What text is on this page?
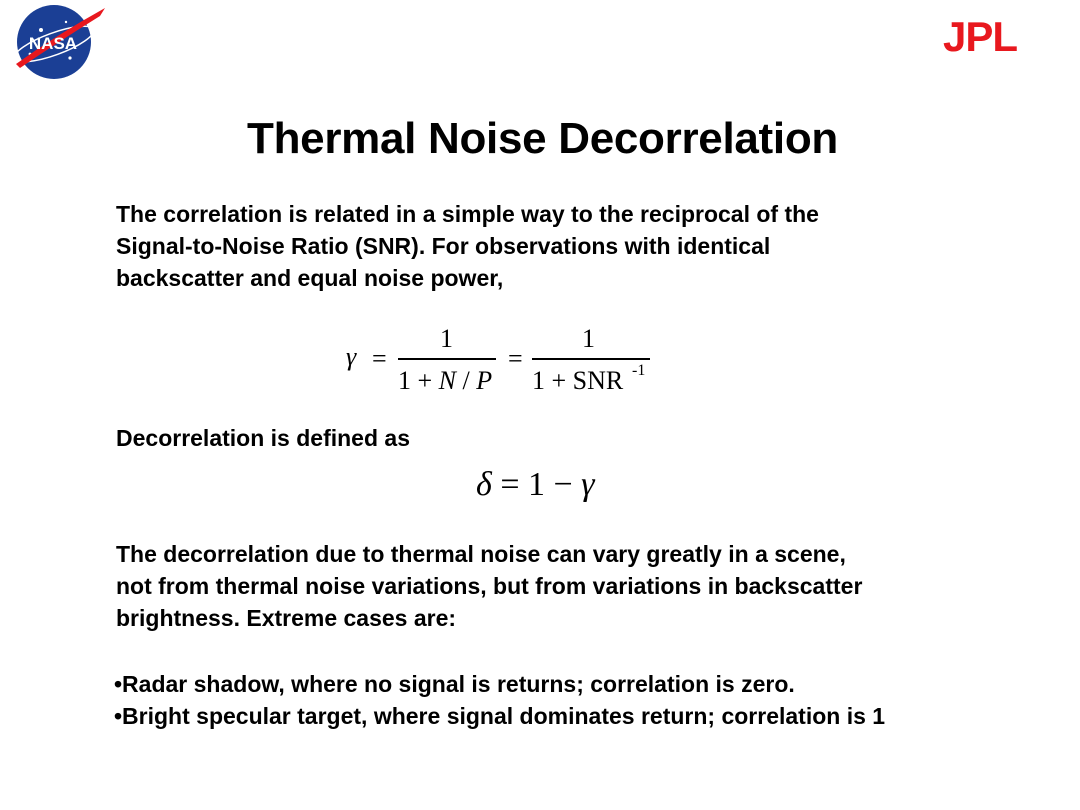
NASA	JPL
Thermal Noise Decorrelation
The correlation is related in a simple way to the reciprocal of the
Signal-to-Noise Ratio (SNR). For observations with identical
backscatter and equal noise power,
γ =
1
1 + N / P
=
1
1 + SNR -1
Decorrelation is defined as
δ = 1 − γ
The decorrelation due to thermal noise can vary greatly in a scene,
not from thermal noise variations, but from variations in backscatter
brightness. Extreme cases are:
•Radar shadow, where no signal is returns; correlation is zero.
•Bright specular target, where signal dominates return; correlation is 1
